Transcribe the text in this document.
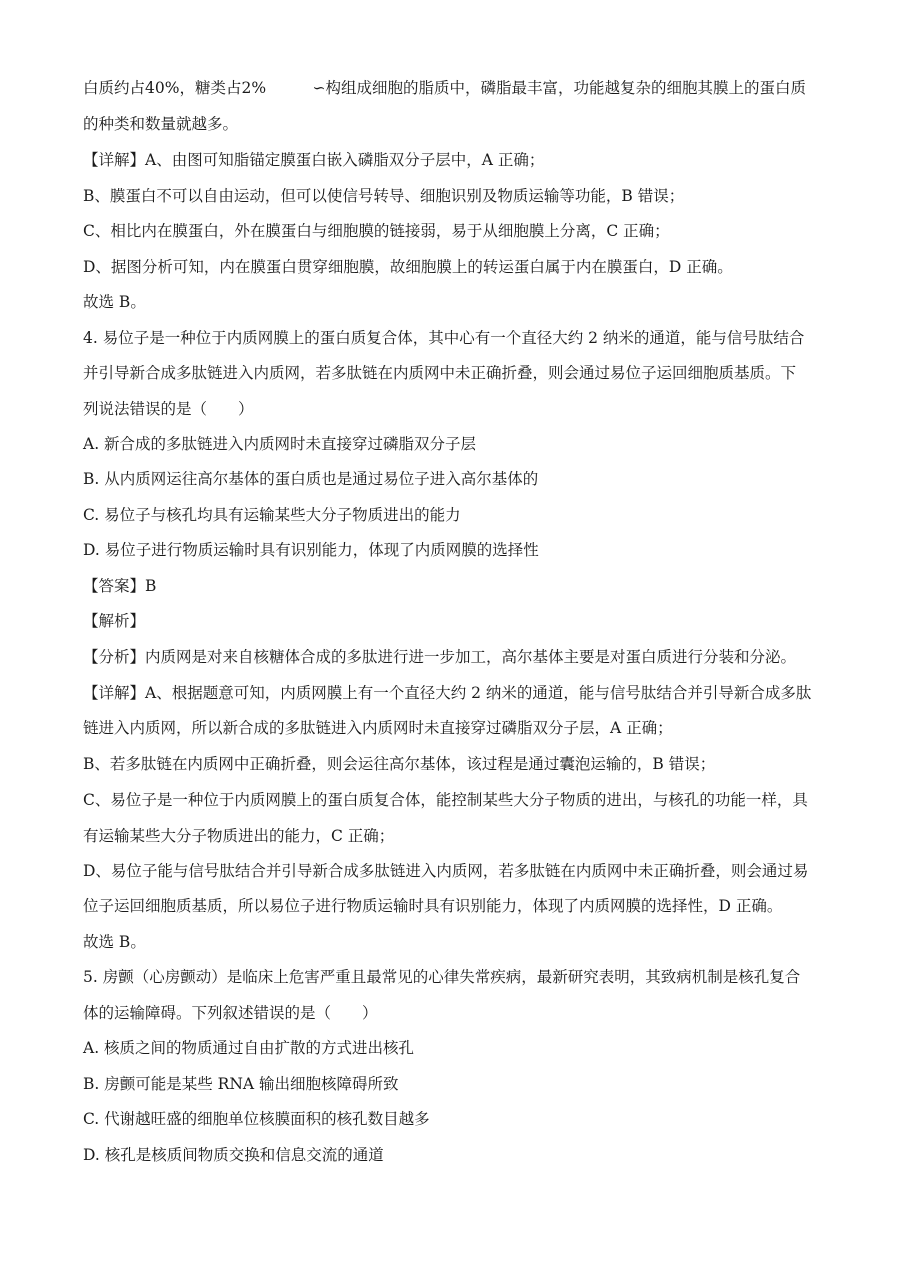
白质约占40%，糖类占2%　　　∽构组成细胞的脂质中，磷脂最丰富，功能越复杂的细胞其膜上的蛋白质
的种类和数量就越多。
【详解】A、由图可知脂锚定膜蛋白嵌入磷脂双分子层中，A 正确；
B、膜蛋白不可以自由运动，但可以使信号转导、细胞识别及物质运输等功能，B 错误；
C、相比内在膜蛋白，外在膜蛋白与细胞膜的链接弱，易于从细胞膜上分离，C 正确；
D、据图分析可知，内在膜蛋白贯穿细胞膜，故细胞膜上的转运蛋白属于内在膜蛋白，D 正确。
故选 B。
4. 易位子是一种位于内质网膜上的蛋白质复合体，其中心有一个直径大约 2 纳米的通道，能与信号肽结合
并引导新合成多肽链进入内质网，若多肽链在内质网中未正确折叠，则会通过易位子运回细胞质基质。下
列说法错误的是（　　）
A. 新合成的多肽链进入内质网时未直接穿过磷脂双分子层
B. 从内质网运往高尔基体的蛋白质也是通过易位子进入高尔基体的
C. 易位子与核孔均具有运输某些大分子物质进出的能力
D. 易位子进行物质运输时具有识别能力，体现了内质网膜的选择性
【答案】B
【解析】
【分析】内质网是对来自核糖体合成的多肽进行进一步加工，高尔基体主要是对蛋白质进行分装和分泌。
【详解】A、根据题意可知，内质网膜上有一个直径大约 2 纳米的通道，能与信号肽结合并引导新合成多肽
链进入内质网，所以新合成的多肽链进入内质网时未直接穿过磷脂双分子层，A 正确；
B、若多肽链在内质网中正确折叠，则会运往高尔基体，该过程是通过囊泡运输的，B 错误；
C、易位子是一种位于内质网膜上的蛋白质复合体，能控制某些大分子物质的进出，与核孔的功能一样，具
有运输某些大分子物质进出的能力，C 正确；
D、易位子能与信号肽结合并引导新合成多肽链进入内质网，若多肽链在内质网中未正确折叠，则会通过易
位子运回细胞质基质，所以易位子进行物质运输时具有识别能力，体现了内质网膜的选择性，D 正确。
故选 B。
5. 房颤（心房颤动）是临床上危害严重且最常见的心律失常疾病，最新研究表明，其致病机制是核孔复合
体的运输障碍。下列叙述错误的是（　　）
A. 核质之间的物质通过自由扩散的方式进出核孔
B. 房颤可能是某些 RNA 输出细胞核障碍所致
C. 代谢越旺盛的细胞单位核膜面积的核孔数目越多
D. 核孔是核质间物质交换和信息交流的通道
